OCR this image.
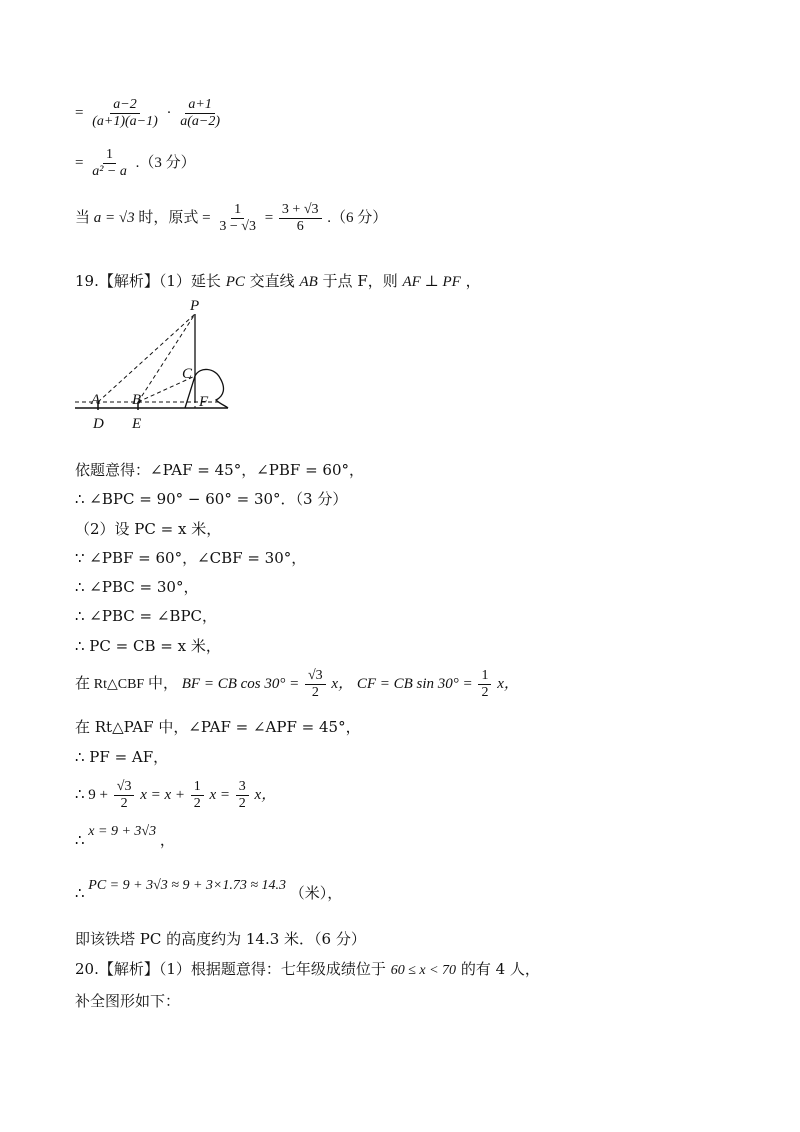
= $\frac{a-2}{(a+1)(a-1)} \cdot \frac{a+1}{a(a-2)}$
= $\frac{1}{\text{a² − a}} .(3$ 分）
当 a = √3 时，原式 = $\frac{1}{3 - √3} = \frac{3 + √3}{6} .(6$ 分）
19.【解析】（1）延长 PC 交直线 AB 于点 F，则 AF ⊥ PF ，
P
C
A B	F
D E
依题意得：∠PAF = 45°，∠PBF = 60°，
∴ ∠BPC = 90° − 60° = 30°．（3 分）
（2）设 PC = x 米，
∵ ∠PBF = 60°，∠CBF = 30°，
∴ ∠PBC = 30°，
∴ ∠PBC = ∠BPC，
∴ PC = CB = x 米，
在 Rt△CBF 中， BF = CB $\cos 30^\circ = \frac{√3}{2}$ x， CF = CB $\sin 30^\circ = \frac{1}{2}$ x，
在 Rt△PAF 中，∠PAF = ∠APF = 45°，
∴ PF = AF，
∴ $9 + \frac{√3}{2}$ $x = x + \frac{1}{2}$ $x = \frac{3}{2}$ x，
∴ x = 9 + 3√3 ，
∴ PC = 9 + 3√3 ≈ 9 + 3×1.73 ≈ 14.3 （米），
即该铁塔 PC 的高度约为 14.3 米．（6 分）
20.【解析】（1）根据题意得：七年级成绩位于 60 ≤ x < 70 的有 4 人，
补全图形如下：
